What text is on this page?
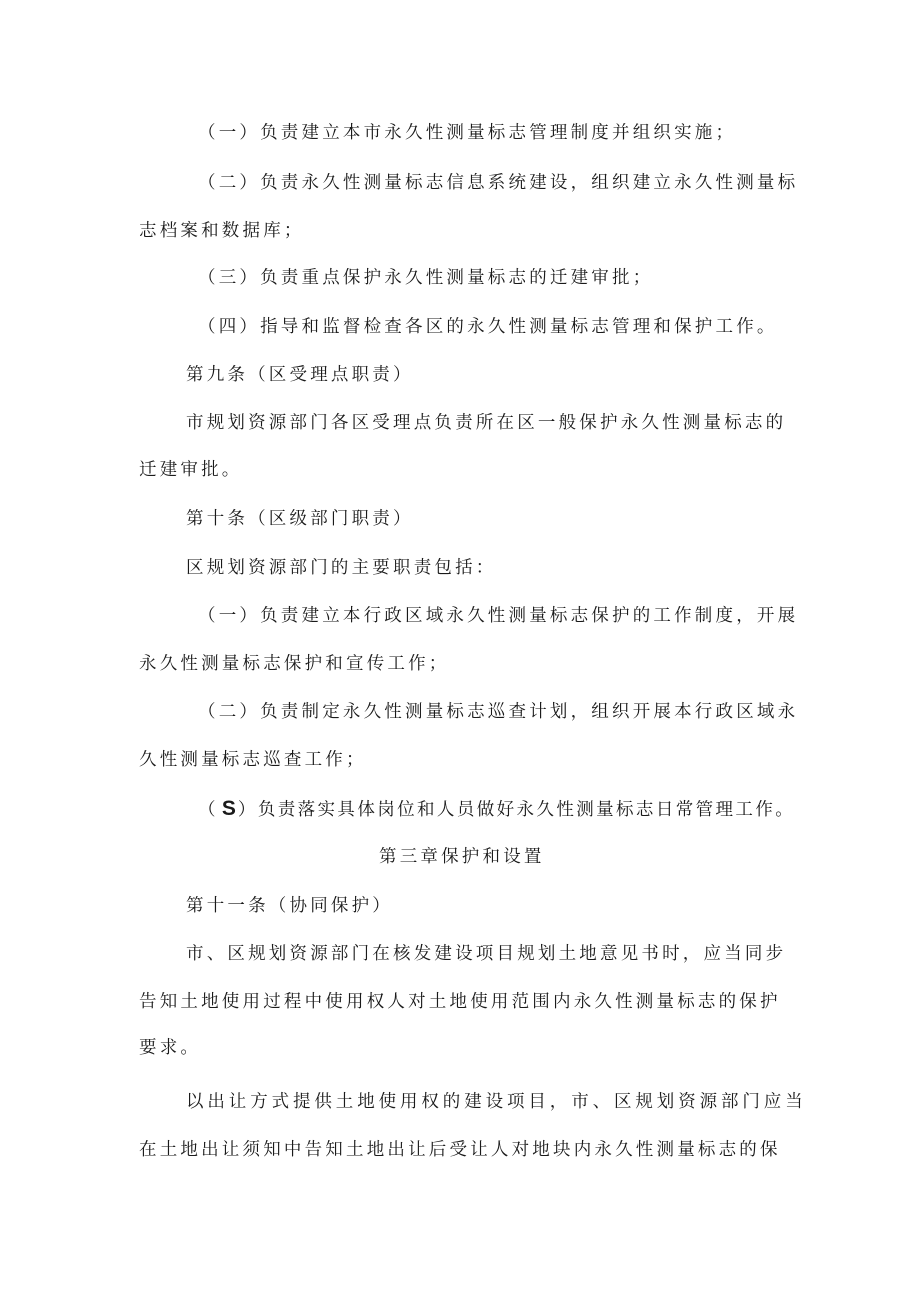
（一）负责建立本市永久性测量标志管理制度并组织实施；
（二）负责永久性测量标志信息系统建设，组织建立永久性测量标
志档案和数据库；
（三）负责重点保护永久性测量标志的迁建审批；
（四）指导和监督检查各区的永久性测量标志管理和保护工作。
第九条（区受理点职责）
市规划资源部门各区受理点负责所在区一般保护永久性测量标志的
迁建审批。
第十条（区级部门职责）
区规划资源部门的主要职责包括：
（一）负责建立本行政区域永久性测量标志保护的工作制度，开展
永久性测量标志保护和宣传工作；
（二）负责制定永久性测量标志巡查计划，组织开展本行政区域永
久性测量标志巡查工作；
（ S ）负责落实具体岗位和人员做好永久性测量标志日常管理工作。
第三章保护和设置
第十一条（协同保护）
市、区规划资源部门在核发建设项目规划土地意见书时，应当同步
告知土地使用过程中使用权人对土地使用范围内永久性测量标志的保护
要求。
以出让方式提供土地使用权的建设项目，市、区规划资源部门应当
在土地出让须知中告知土地出让后受让人对地块内永久性测量标志的保
